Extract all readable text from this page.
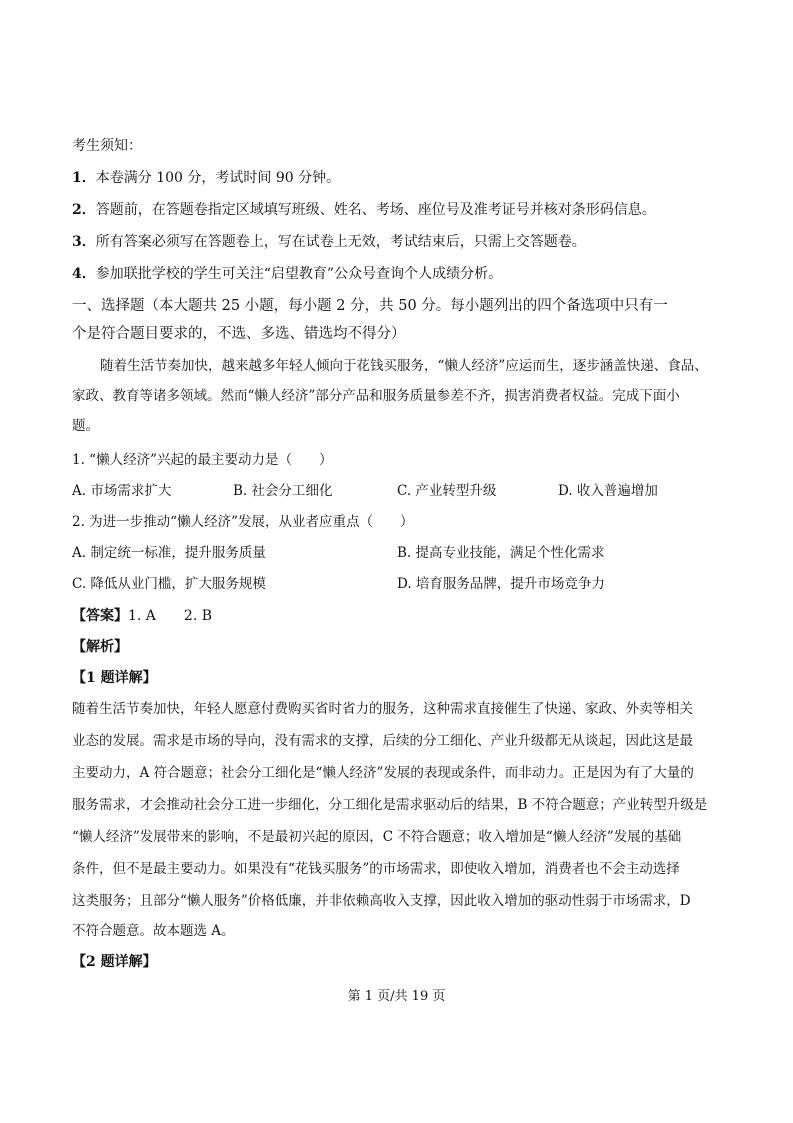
考生须知：
1．本卷满分 100 分，考试时间 90 分钟。
2．答题前，在答题卷指定区域填写班级、姓名、考场、座位号及准考证号并核对条形码信息。
3．所有答案必须写在答题卷上，写在试卷上无效，考试结束后，只需上交答题卷。
4．参加联批学校的学生可关注“启望教育”公众号查询个人成绩分析。
一、选择题（本大题共 25 小题，每小题 2 分，共 50 分。每小题列出的四个备选项中只有一
个是符合题目要求的，不选、多选、错选均不得分）
随着生活节奏加快，越来越多年轻人倾向于花钱买服务，“懒人经济”应运而生，逐步涵盖快递、食品、
家政、教育等诸多领域。然而“懒人经济”部分产品和服务质量参差不齐，损害消费者权益。完成下面小
题。
1. “懒人经济”兴起的最主要动力是（　　）
A. 市场需求扩大	B. 社会分工细化	C. 产业转型升级	D. 收入普遍增加
2. 为进一步推动“懒人经济”发展，从业者应重点（　　）
A. 制定统一标准，提升服务质量	B. 提高专业技能，满足个性化需求
C. 降低从业门槛，扩大服务规模	D. 培育服务品牌，提升市场竞争力
【答案】1. A　　2. B
【解析】
【1 题详解】
随着生活节奏加快，年轻人愿意付费购买省时省力的服务，这种需求直接催生了快递、家政、外卖等相关
业态的发展。需求是市场的导向，没有需求的支撑，后续的分工细化、产业升级都无从谈起，因此这是最
主要动力，A 符合题意；社会分工细化是“懒人经济”发展的表现或条件，而非动力。正是因为有了大量的
服务需求，才会推动社会分工进一步细化，分工细化是需求驱动后的结果，B 不符合题意；产业转型升级是
“懒人经济”发展带来的影响，不是最初兴起的原因，C 不符合题意；收入增加是“懒人经济”发展的基础
条件，但不是最主要动力。如果没有“花钱买服务”的市场需求，即使收入增加，消费者也不会主动选择
这类服务；且部分“懒人服务”价格低廉，并非依赖高收入支撑，因此收入增加的驱动性弱于市场需求，D
不符合题意。故本题选 A。
【2 题详解】
第 1 页/共 19 页
